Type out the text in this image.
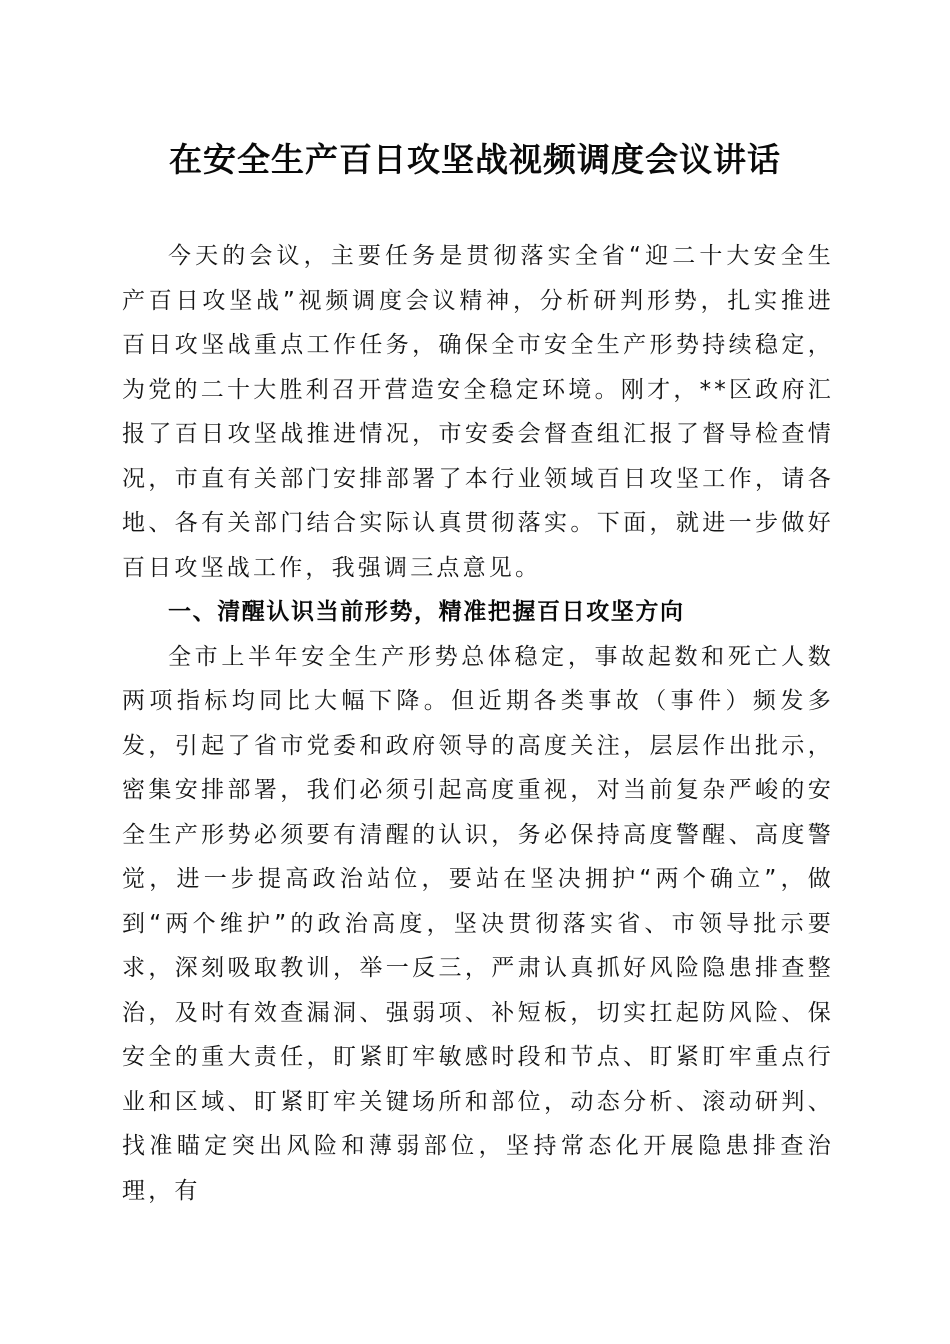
在安全生产百日攻坚战视频调度会议讲话

今天的会议，主要任务是贯彻落实全省“迎二十大安全生产百日攻坚战”视频调度会议精神，分析研判形势，扎实推进百日攻坚战重点工作任务，确保全市安全生产形势持续稳定，为党的二十大胜利召开营造安全稳定环境。刚才，**区政府汇报了百日攻坚战推进情况，市安委会督查组汇报了督导检查情况，市直有关部门安排部署了本行业领域百日攻坚工作，请各地、各有关部门结合实际认真贯彻落实。下面，就进一步做好百日攻坚战工作，我强调三点意见。

一、清醒认识当前形势，精准把握百日攻坚方向

全市上半年安全生产形势总体稳定，事故起数和死亡人数两项指标均同比大幅下降。但近期各类事故（事件）频发多发，引起了省市党委和政府领导的高度关注，层层作出批示，密集安排部署，我们必须引起高度重视，对当前复杂严峻的安全生产形势必须要有清醒的认识，务必保持高度警醒、高度警觉，进一步提高政治站位，要站在坚决拥护“两个确立”，做到“两个维护”的政治高度，坚决贯彻落实省、市领导批示要求，深刻吸取教训，举一反三，严肃认真抓好风险隐患排查整治，及时有效查漏洞、强弱项、补短板，切实扛起防风险、保安全的重大责任，盯紧盯牢敏感时段和节点、盯紧盯牢重点行业和区域、盯紧盯牢关键场所和部位，动态分析、滚动研判、找准瞄定突出风险和薄弱部位，坚持常态化开展隐患排查治理，有
